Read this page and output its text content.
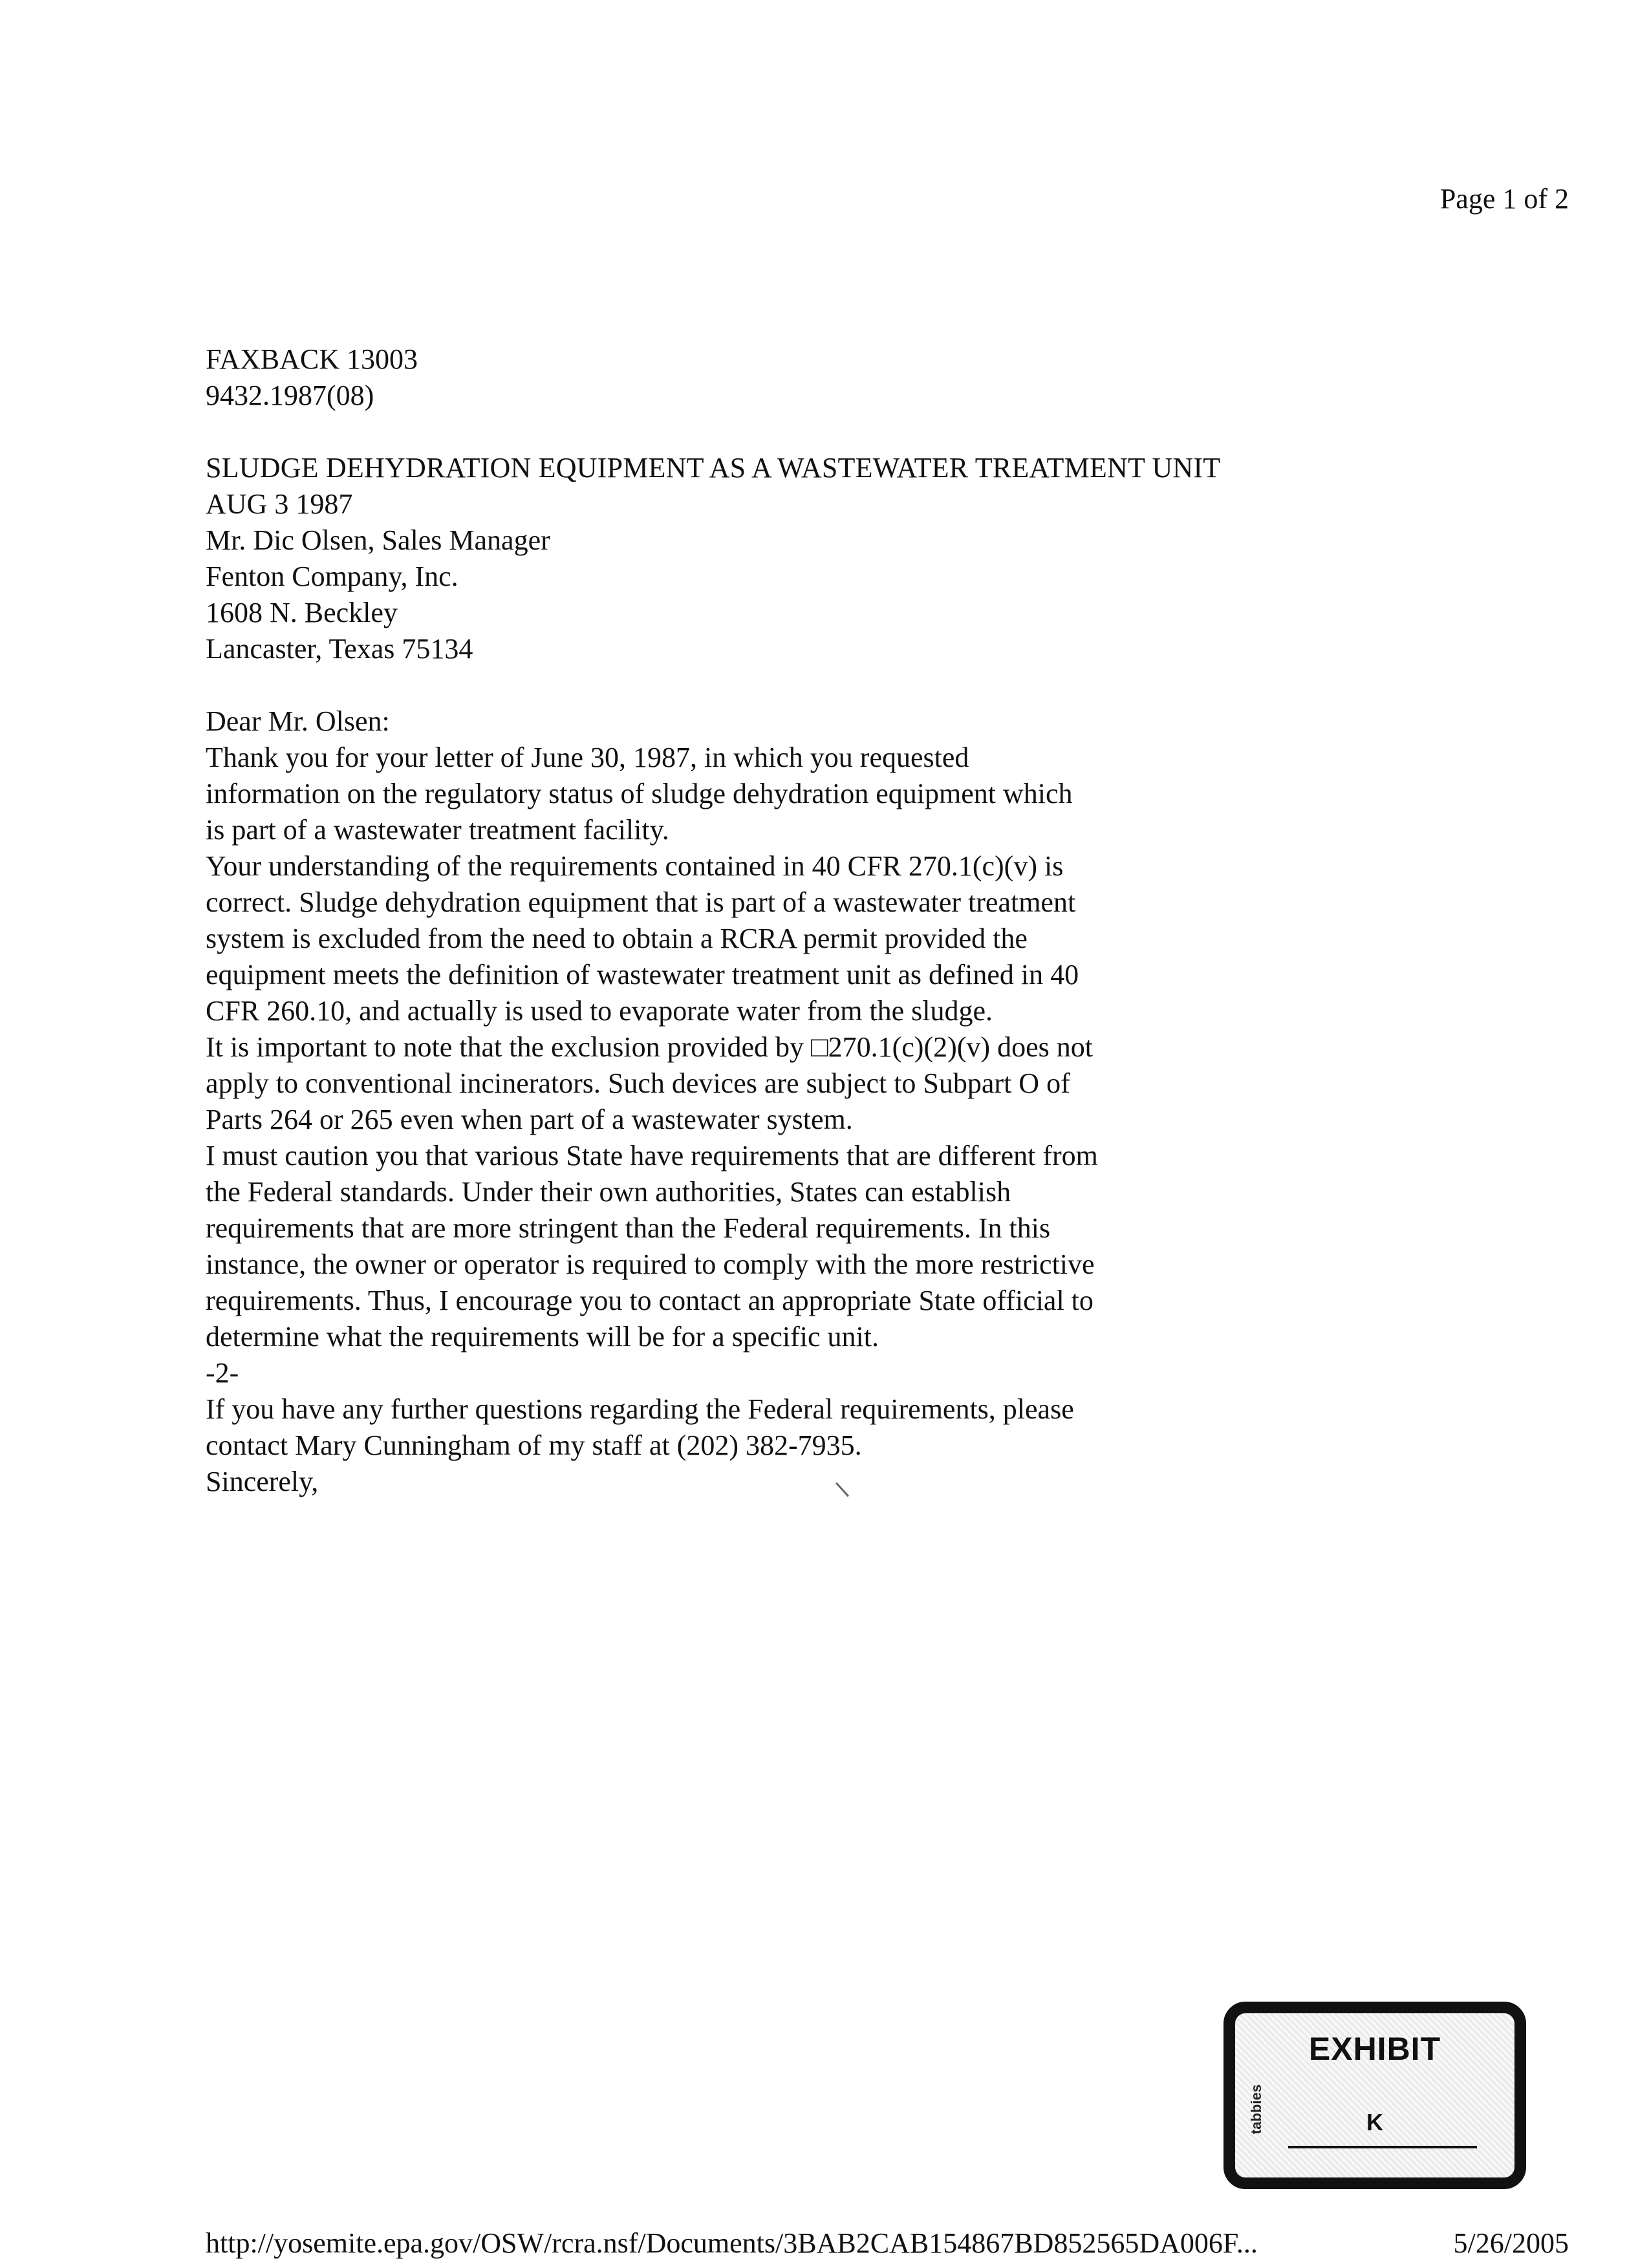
Page 1 of 2

FAXBACK 13003

9432.1987(08)

SLUDGE DEHYDRATION EQUIPMENT AS A WASTEWATER TREATMENT UNIT

AUG 3 1987

Mr. Dic Olsen, Sales Manager

Fenton Company, Inc.

1608 N. Beckley

Lancaster, Texas 75134

Dear Mr. Olsen:

Thank you for your letter of June 30, 1987, in which you requested information on the regulatory status of sludge dehydration equipment which is part of a wastewater treatment facility.

Your understanding of the requirements contained in 40 CFR 270.1(c)(v) is correct. Sludge dehydration equipment that is part of a wastewater treatment system is excluded from the need to obtain a RCRA permit provided the equipment meets the definition of wastewater treatment unit as defined in 40 CFR 260.10, and actually is used to evaporate water from the sludge.

It is important to note that the exclusion provided by □270.1(c)(2)(v) does not apply to conventional incinerators. Such devices are subject to Subpart O of Parts 264 or 265 even when part of a wastewater system.

I must caution you that various State have requirements that are different from the Federal standards. Under their own authorities, States can establish requirements that are more stringent than the Federal requirements. In this instance, the owner or operator is required to comply with the more restrictive requirements. Thus, I encourage you to contact an appropriate State official to determine what the requirements will be for a specific unit.

-2-

If you have any further questions regarding the Federal requirements, please contact Mary Cunningham of my staff at (202) 382-7935.

Sincerely,

EXHIBIT
tabbies	K
http://yosemite.epa.gov/OSW/rcra.nsf/Documents/3BAB2CAB154867BD852565DA006F...	5/26/2005
